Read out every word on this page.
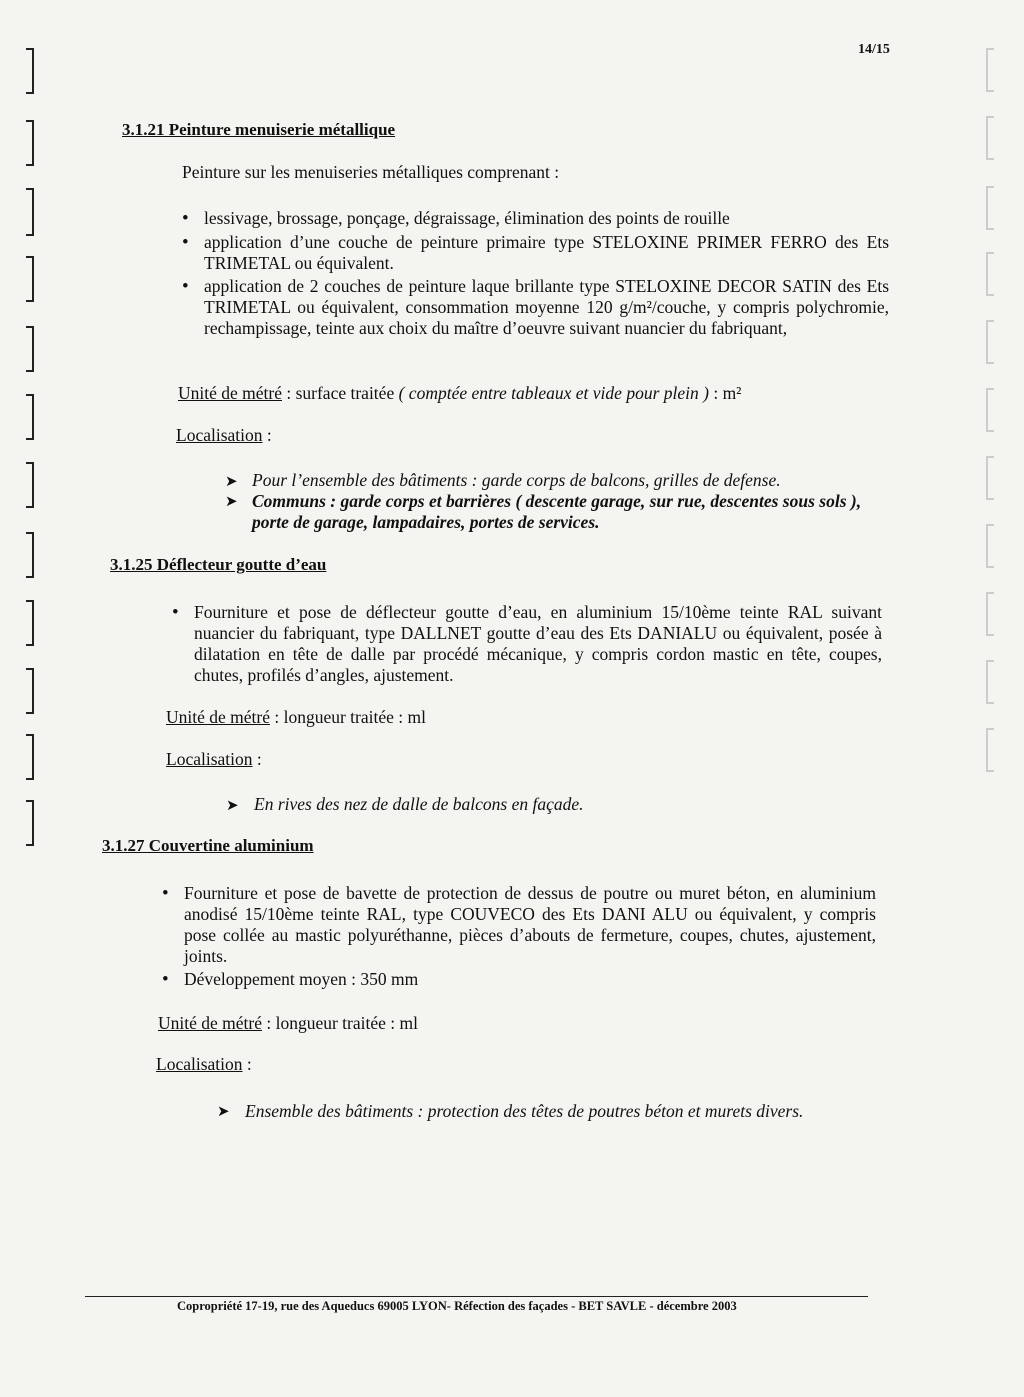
14/15
3.1.21 Peinture menuiserie métallique
Peinture sur les menuiseries métalliques comprenant :
• lessivage, brossage, ponçage, dégraissage, élimination des points de rouille
• application d’une couche de peinture primaire type STELOXINE PRIMER FERRO des Ets TRIMETAL ou équivalent.
• application de 2 couches de peinture laque brillante type STELOXINE DECOR SATIN des Ets TRIMETAL ou équivalent, consommation moyenne 120 g/m²/couche, y compris polychromie, rechampissage, teinte aux choix du maître d’oeuvre suivant nuancier du fabriquant,
Unité de métré : surface traitée ( comptée entre tableaux et vide pour plein ) : m²
Localisation :
➤ Pour l’ensemble des bâtiments : garde corps de balcons, grilles de defense.
➤ Communs : garde corps et barrières ( descente garage, sur rue, descentes sous sols ), porte de garage, lampadaires, portes de services.
3.1.25 Déflecteur goutte d’eau
• Fourniture et pose de déflecteur goutte d’eau, en aluminium 15/10ème teinte RAL suivant nuancier du fabriquant, type DALLNET goutte d’eau des Ets DANIALU ou équivalent, posée à dilatation en tête de dalle par procédé mécanique, y compris cordon mastic en tête, coupes, chutes, profilés d’angles, ajustement.
Unité de métré : longueur traitée : ml
Localisation :
➤ En rives des nez de dalle de balcons en façade.
3.1.27 Couvertine aluminium
• Fourniture et pose de bavette de protection de dessus de poutre ou muret béton, en aluminium anodisé 15/10ème teinte RAL, type COUVECO des Ets DANI ALU ou équivalent, y compris pose collée au mastic polyuréthanne, pièces d’abouts de fermeture, coupes, chutes, ajustement, joints.
• Développement moyen : 350 mm
Unité de métré : longueur traitée : ml
Localisation :
➤ Ensemble des bâtiments : protection des têtes de poutres béton et murets divers.
Copropriété 17-19, rue des Aqueducs 69005 LYON- Réfection des façades - BET SAVLE - décembre 2003
